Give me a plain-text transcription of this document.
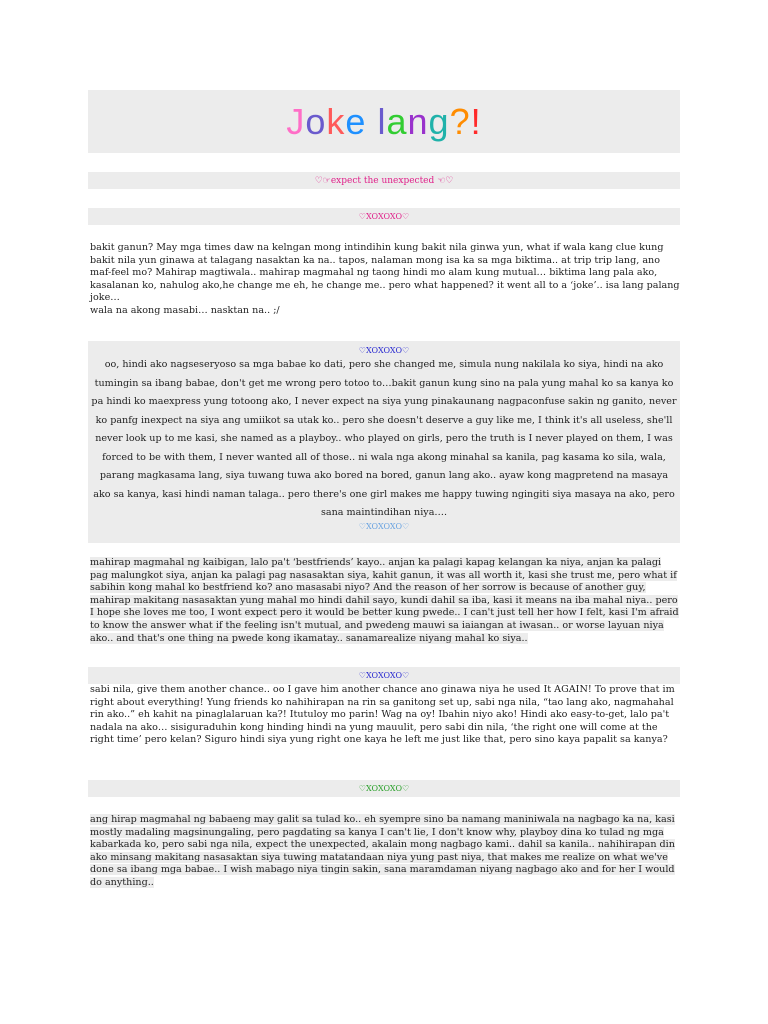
Joke lang?!
♡☞expect the unexpected ☜♡
♡XOXOXO♡
bakit ganun? May mga times daw na kelngan mong intindihin kung bakit nila ginwa yun, what if wala kang clue kung bakit nila yun ginawa at talagang nasaktan ka na.. tapos, nalaman mong isa ka sa mga biktima.. at trip trip lang, ano maf-feel mo? Mahirap magtiwala.. mahirap magmahal ng taong hindi mo alam kung mutual… biktima lang pala ako, kasalanan ko, nahulog ako,he change me eh, he change me.. pero what happened? it went all to a ‘joke’.. isa lang palang joke…
wala na akong masabi… nasktan na.. ;/
♡XOXOXO♡
oo, hindi ako nagseseryoso sa mga babae ko dati, pero she changed me, simula nung nakilala ko siya, hindi na ako tumingin sa ibang babae, don't get me wrong pero totoo to…bakit ganun kung sino na pala yung mahal ko sa kanya ko pa hindi ko maexpress yung totoong ako, I never expect na siya yung pinakaunang nagpaconfuse sakin ng ganito, never ko panfg inexpect na siya ang umiikot sa utak ko.. pero she doesn't deserve a guy like me, I think it's all useless, she'll never look up to me kasi, she named as a playboy.. who played on girls, pero the truth is I never played on them, I was forced to be with them, I never wanted all of those.. ni wala nga akong minahal sa kanila, pag kasama ko sila, wala, parang magkasama lang, siya tuwang tuwa ako bored na bored, ganun lang ako.. ayaw kong magpretend na masaya ako sa kanya, kasi hindi naman talaga.. pero there's one girl makes me happy tuwing ngingiti siya masaya na ako, pero sana maintindihan niya….
♡XOXOXO♡
mahirap magmahal ng kaibigan, lalo pa't ‘bestfriends’ kayo.. anjan ka palagi kapag kelangan ka niya, anjan ka palagi pag malungkot siya, anjan ka palagi pag nasasaktan siya, kahit ganun, it was all worth it, kasi she trust me, pero what if sabihin kong mahal ko bestfriend ko? ano masasabi niyo? And the reason of her sorrow is because of another guy, mahirap makitang nasasaktan yung mahal mo hindi dahil sayo, kundi dahil sa iba, kasi it means na iba mahal niya.. pero I hope she loves me too, I wont expect pero it would be better kung pwede.. I can't just tell her how I felt, kasi I'm afraid to know the answer what if the feeling isn't mutual, and pwedeng mauwi sa iaiangan at iwasan.. or worse layuan niya ako.. and that's one thing na pwede kong ikamatay.. sanamarealize niyang mahal ko siya..
♡XOXOXO♡
sabi nila, give them another chance.. oo I gave him another chance ano ginawa niya he used It AGAIN! To prove that im right about everything! Yung friends ko nahihirapan na rin sa ganitong set up, sabi nga nila, “tao lang ako, nagmahahal rin ako..” eh kahit na pinaglalaruan ka?! Itutuloy mo parin! Wag na oy! Ibahin niyo ako! Hindi ako easy-to-get, lalo pa't nadala na ako… sisiguraduhin kong hinding hindi na yung mauulit, pero sabi din nila, ‘the right one will come at the right time’ pero kelan? Siguro hindi siya yung right one kaya he left me just like that, pero sino kaya papalit sa kanya?
♡XOXOXO♡
ang hirap magmahal ng babaeng may galit sa tulad ko.. eh syempre sino ba namang maniniwala na nagbago ka na, kasi mostly madaling magsinungaling, pero pagdating sa kanya I can't lie, I don't know why, playboy dina ko tulad ng mga kabarkada ko, pero sabi nga nila, expect the unexpected, akalain mong nagbago kami.. dahil sa kanila.. nahihirapan din ako minsang makitang nasasaktan siya tuwing matatandaan niya yung past niya, that makes me realize on what we've done sa ibang mga babae.. I wish mabago niya tingin sakin, sana maramdaman niyang nagbago ako and for her I would do anything..
